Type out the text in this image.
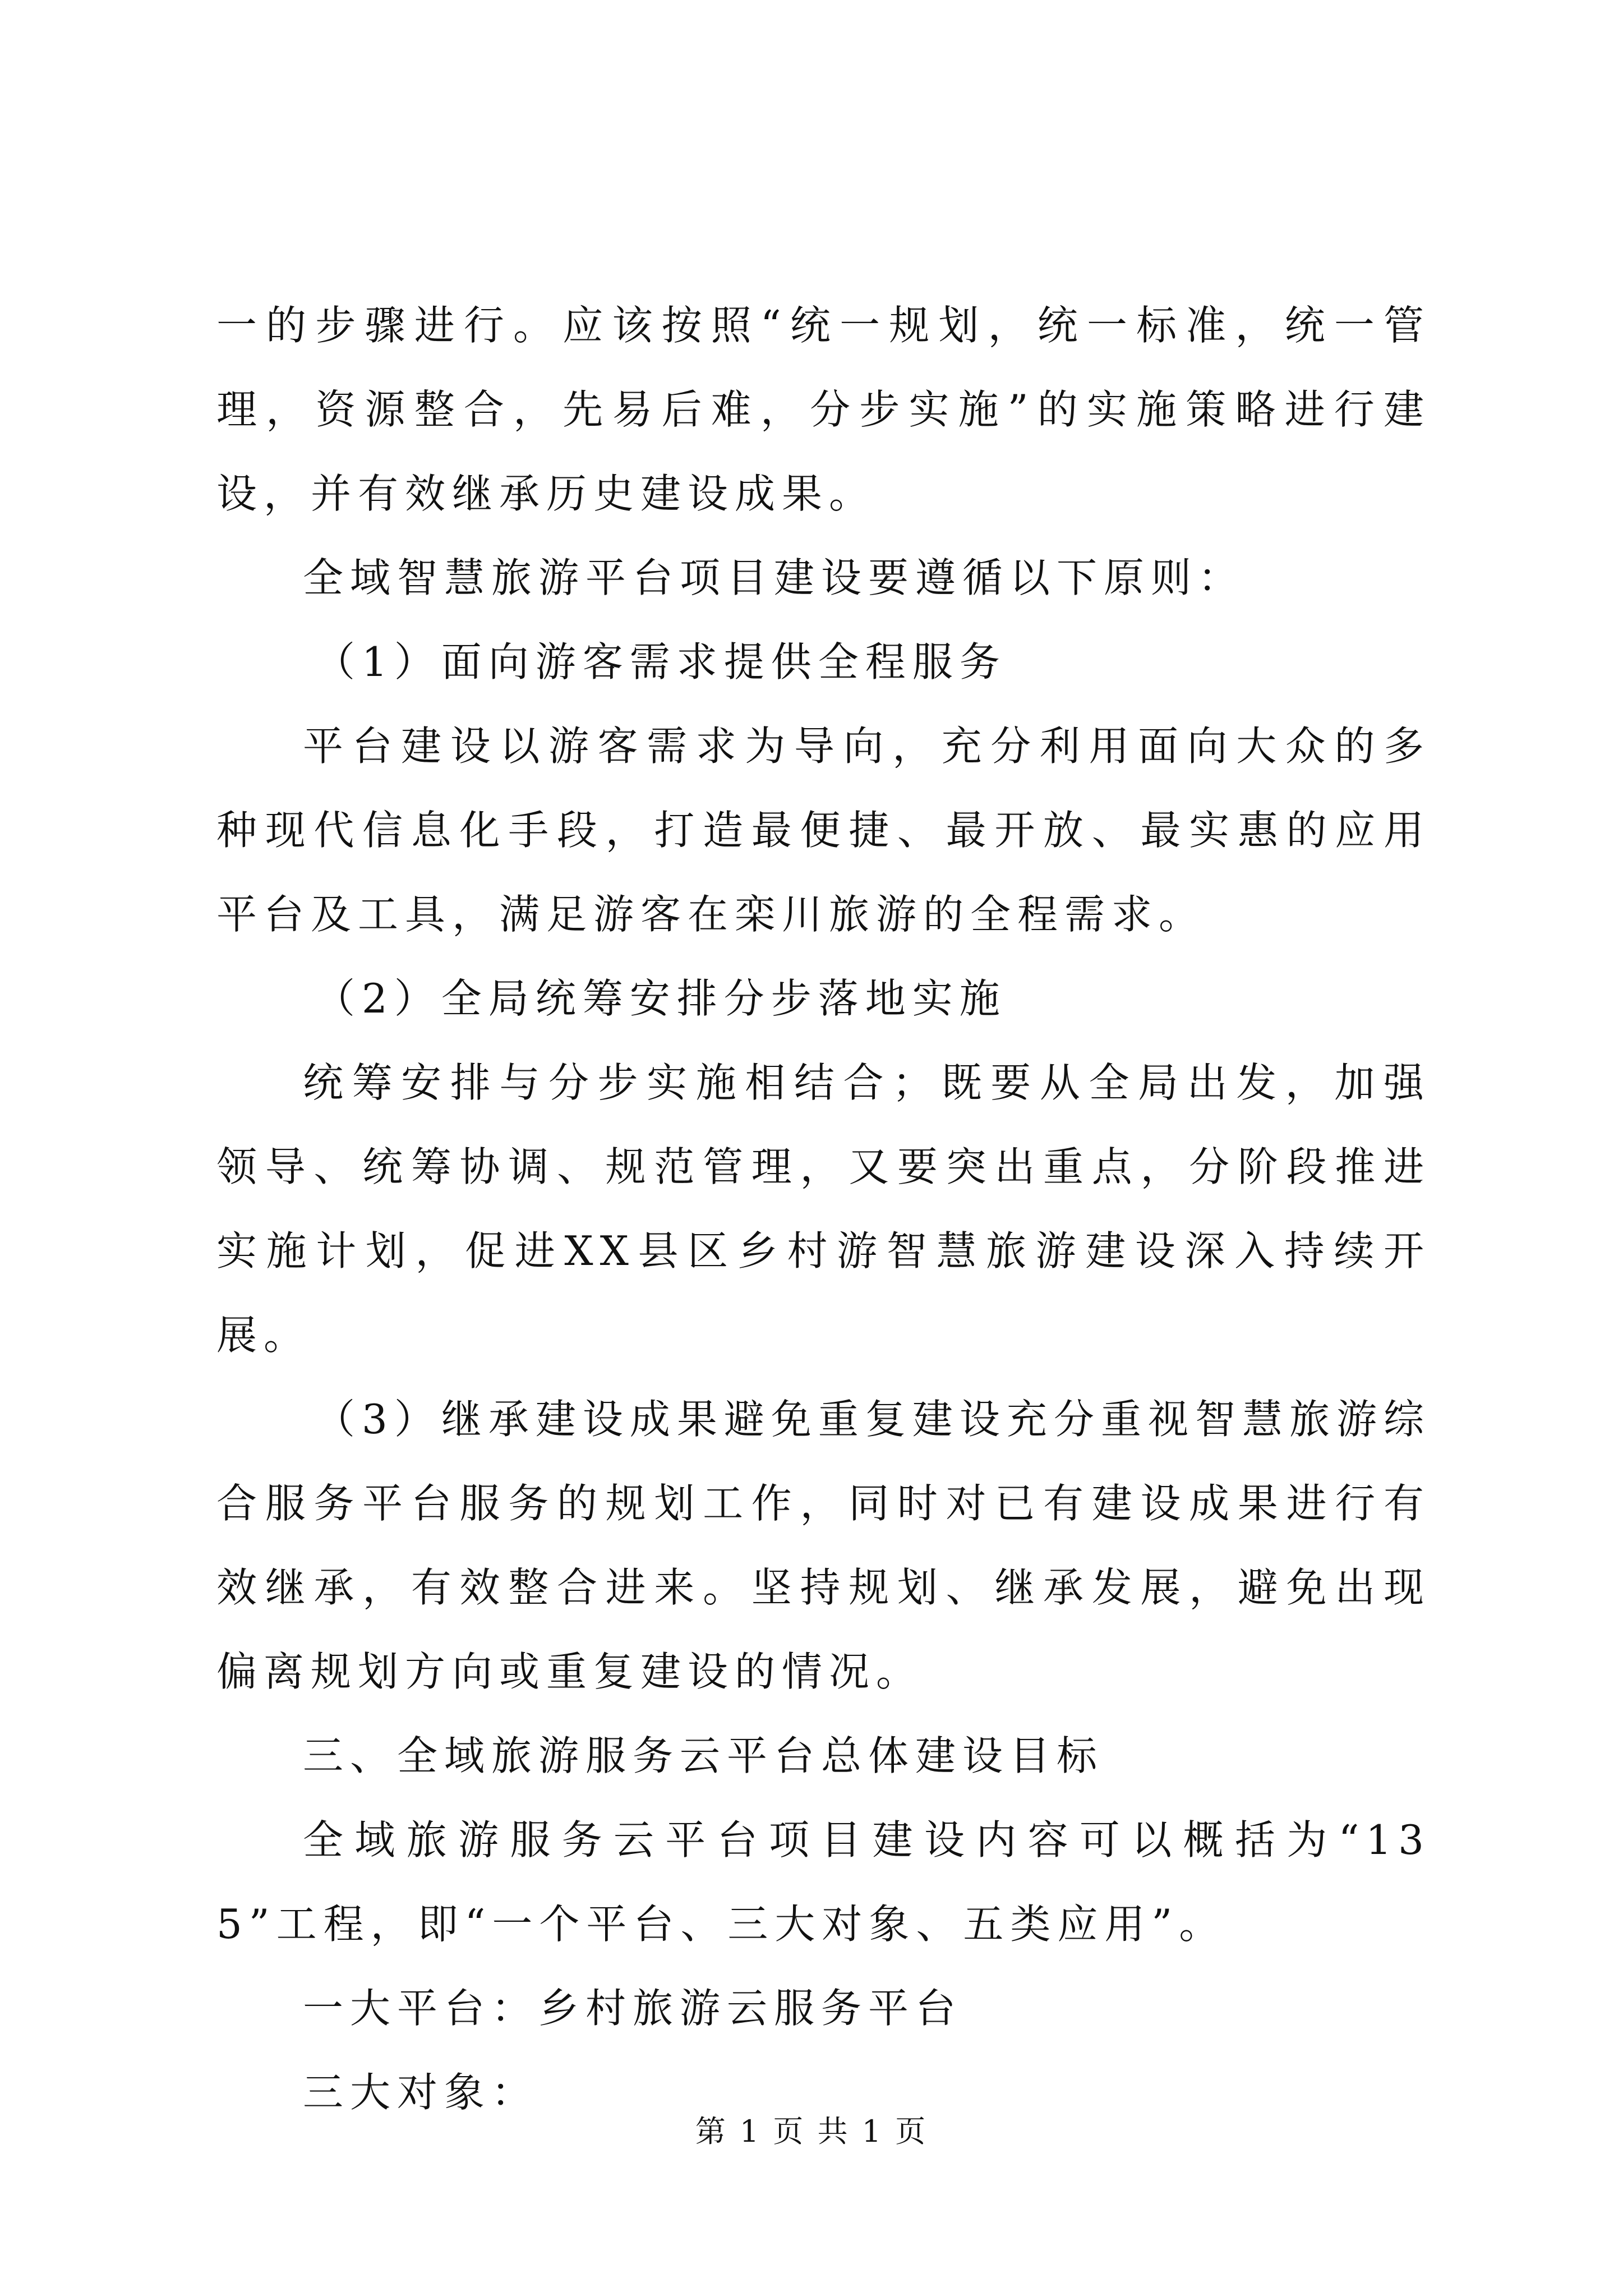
一的步骤进行。应该按照“统一规划，统一标准，统一管理，资源整合，先易后难，分步实施”的实施策略进行建设，并有效继承历史建设成果。

全域智慧旅游平台项目建设要遵循以下原则：

（1）面向游客需求提供全程服务

平台建设以游客需求为导向，充分利用面向大众的多种现代信息化手段，打造最便捷、最开放、最实惠的应用平台及工具，满足游客在栾川旅游的全程需求。

（2）全局统筹安排分步落地实施

统筹安排与分步实施相结合；既要从全局出发，加强领导、统筹协调、规范管理，又要突出重点，分阶段推进实施计划，促进XX县区乡村游智慧旅游建设深入持续开展。

（3）继承建设成果避免重复建设充分重视智慧旅游综合服务平台服务的规划工作，同时对已有建设成果进行有效继承，有效整合进来。坚持规划、继承发展，避免出现偏离规划方向或重复建设的情况。

三、全域旅游服务云平台总体建设目标

全域旅游服务云平台项目建设内容可以概括为“135”工程，即“一个平台、三大对象、五类应用”。

一大平台：乡村旅游云服务平台

三大对象：

第 1 页 共 1 页
